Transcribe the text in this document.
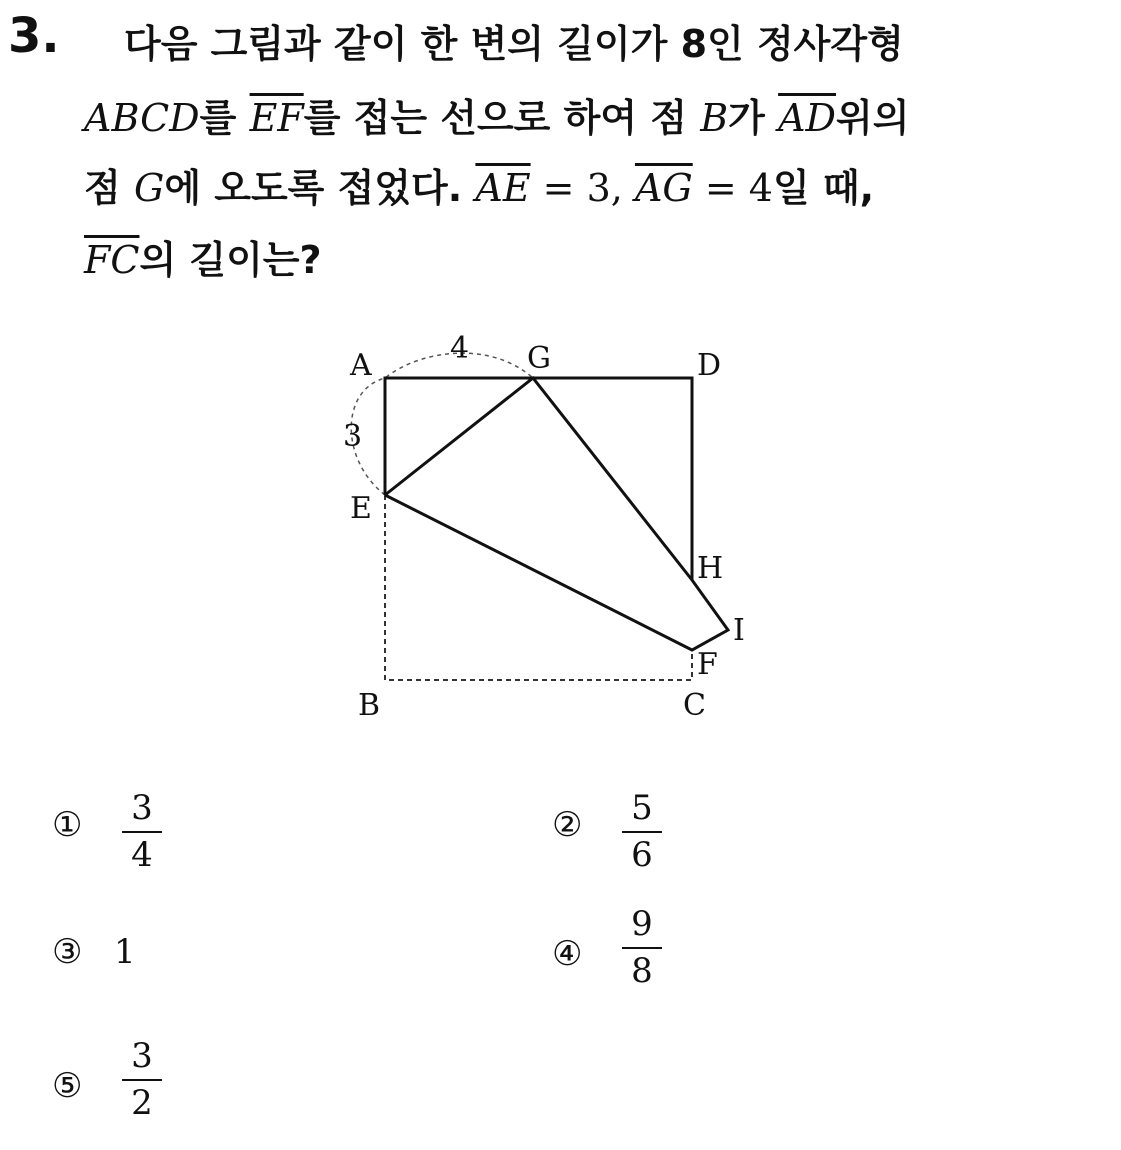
3. 다음 그림과 같이 한 변의 길이가 8인 정사각형
ABCD를 $\overline{EF}$를 접는 선으로 하여 점 B가 $\overline{AD}$위의
점 G에 오도록 접었다. $\overline{AE} = 3$, $\overline{AG} = 4$일 때,
$\overline{FC}$의 길이는?
A	G	D
E
H
I
F
B	C
4
3
① 3
4
② 5
6
③ 1	④
9
8
⑤
3
2
